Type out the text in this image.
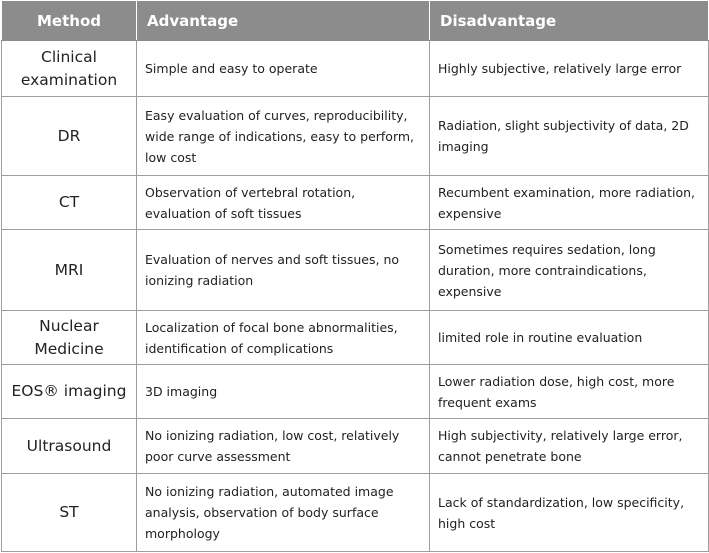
Method	Advantage	Disadvantage
Clinical examination	Simple and easy to operate	Highly subjective, relatively large error
DR	Easy evaluation of curves, reproducibility, wide range of indications, easy to perform, low cost	Radiation, slight subjectivity of data, 2D imaging
CT	Observation of vertebral rotation, evaluation of soft tissues	Recumbent examination, more radiation, expensive
MRI	Evaluation of nerves and soft tissues, no ionizing radiation	Sometimes requires sedation, long duration, more contraindications, expensive
Nuclear Medicine	Localization of focal bone abnormalities, identification of complications	limited role in routine evaluation
EOS® imaging	3D imaging	Lower radiation dose, high cost, more frequent exams
Ultrasound	No ionizing radiation, low cost, relatively poor curve assessment	High subjectivity, relatively large error, cannot penetrate bone
ST	No ionizing radiation, automated image analysis, observation of body surface morphology	Lack of standardization, low specificity, high cost
